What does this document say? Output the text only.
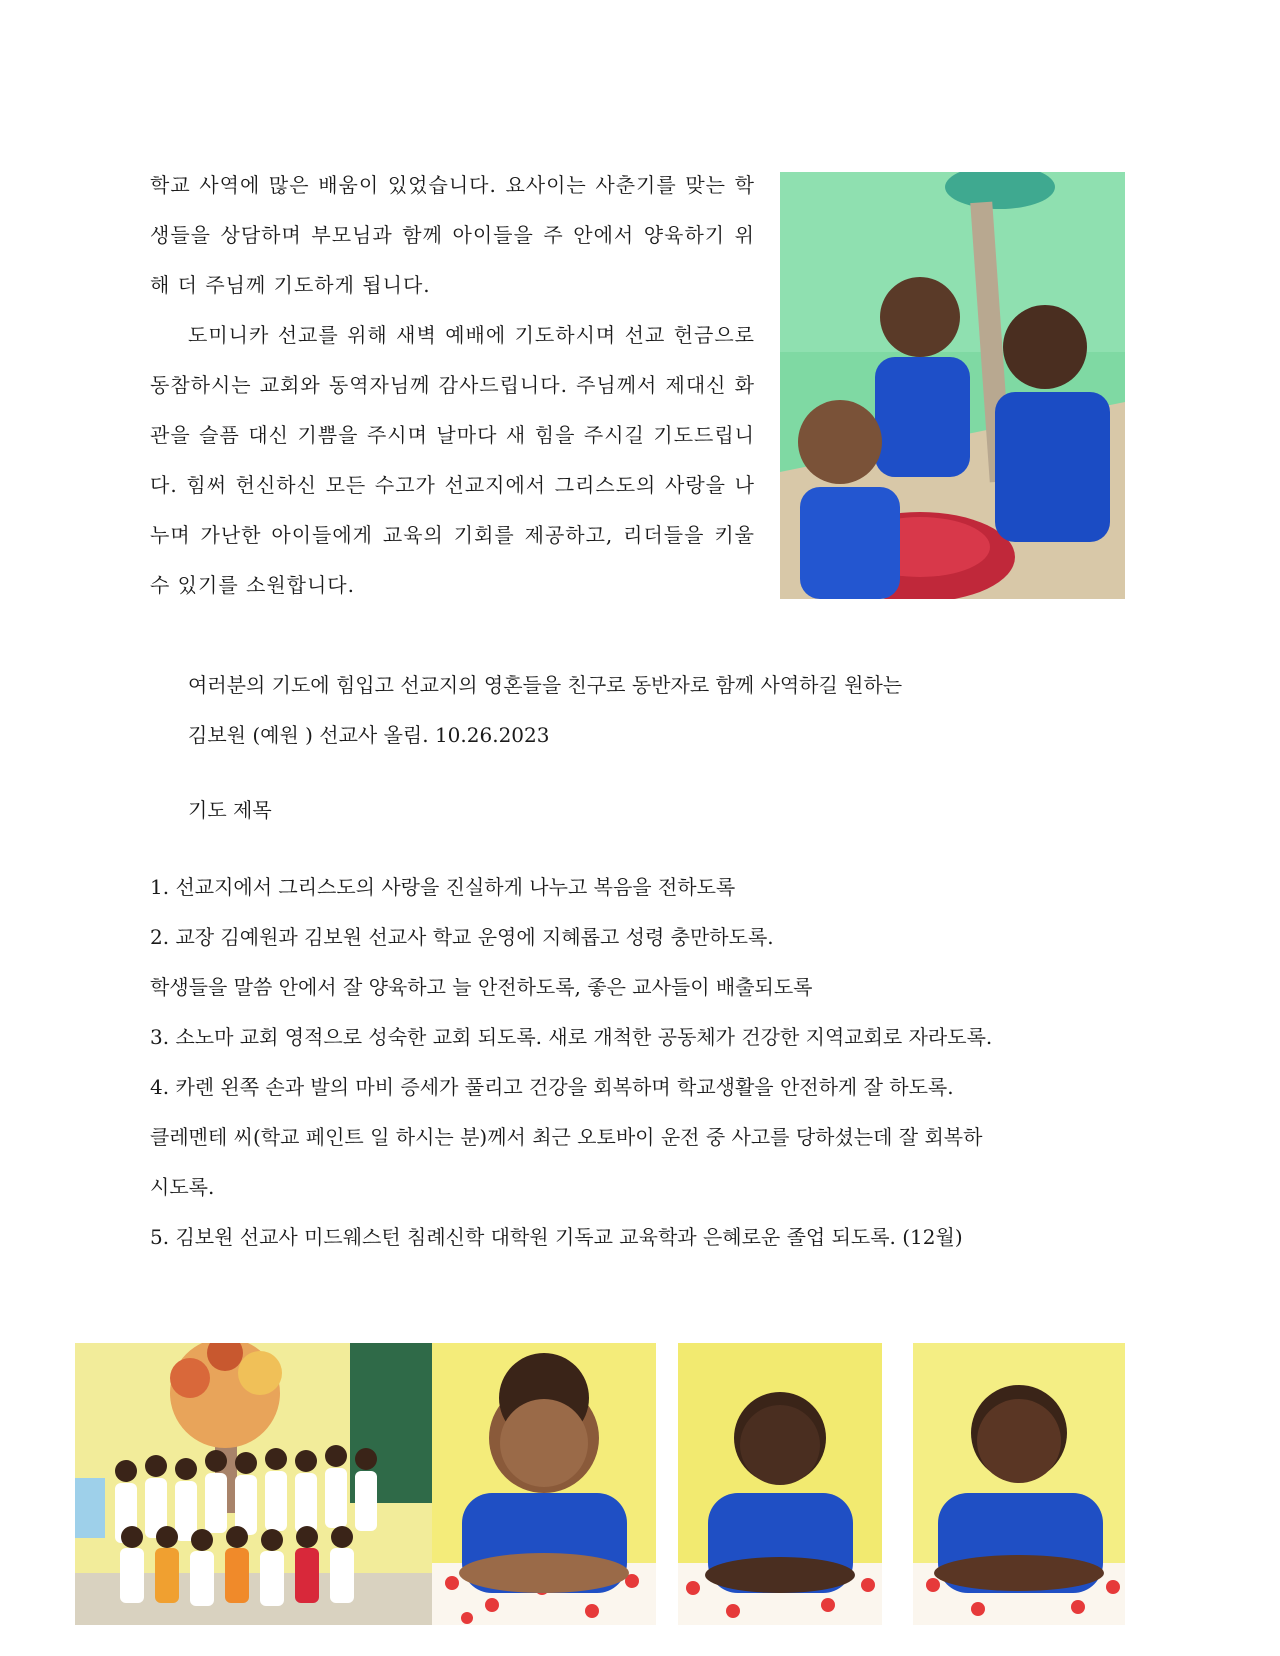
학교 사역에 많은 배움이 있었습니다. 요사이는 사춘기를 맞는 학생들을 상담하며 부모님과 함께 아이들을 주 안에서 양육하기 위해 더 주님께 기도하게 됩니다.

도미니카 선교를 위해 새벽 예배에 기도하시며 선교 헌금으로 동참하시는 교회와 동역자님께 감사드립니다. 주님께서 제대신 화관을 슬픔 대신 기쁨을 주시며 날마다 새 힘을 주시길 기도드립니다. 힘써 헌신하신 모든 수고가 선교지에서 그리스도의 사랑을 나누며 가난한 아이들에게 교육의 기회를 제공하고, 리더들을 키울 수 있기를 소원합니다.

여러분의 기도에 힘입고 선교지의 영혼들을 친구로 동반자로 함께 사역하길 원하는
김보원 (예원 ) 선교사 올림. 10.26.2023
기도 제목
1. 선교지에서 그리스도의 사랑을 진실하게 나누고 복음을 전하도록
2. 교장 김예원과 김보원 선교사 학교 운영에 지혜롭고 성령 충만하도록.
학생들을 말씀 안에서 잘 양육하고 늘 안전하도록, 좋은 교사들이 배출되도록
3. 소노마 교회 영적으로 성숙한 교회 되도록. 새로 개척한 공동체가 건강한 지역교회로 자라도록.
4. 카렌 왼쪽 손과 발의 마비 증세가 풀리고 건강을 회복하며 학교생활을 안전하게 잘 하도록.
클레멘테 씨(학교 페인트 일 하시는 분)께서 최근 오토바이 운전 중 사고를 당하셨는데 잘 회복하
시도록.
5. 김보원 선교사 미드웨스턴 침례신학 대학원 기독교 교육학과 은혜로운 졸업 되도록. (12월)
